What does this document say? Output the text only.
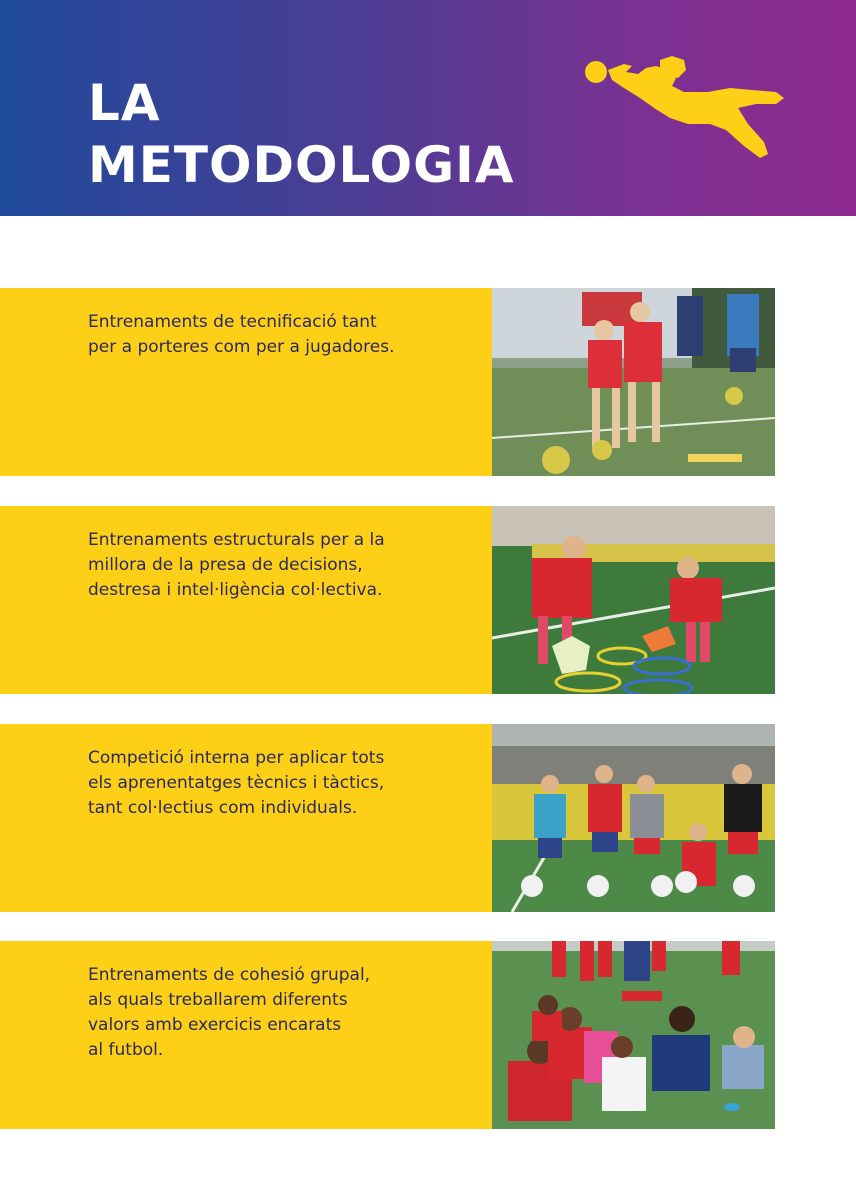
LA
METODOLOGIA

Entrenaments de tecnificació tant
per a porteres com per a jugadores.

Entrenaments estructurals per a la
millora de la presa de decisions,
destresa i intel·ligència col·lectiva.

Competició interna per aplicar tots
els aprenentatges tècnics i tàctics,
tant col·lectius com individuals.

Entrenaments de cohesió grupal,
als quals treballarem diferents
valors amb exercicis encarats
al futbol.
